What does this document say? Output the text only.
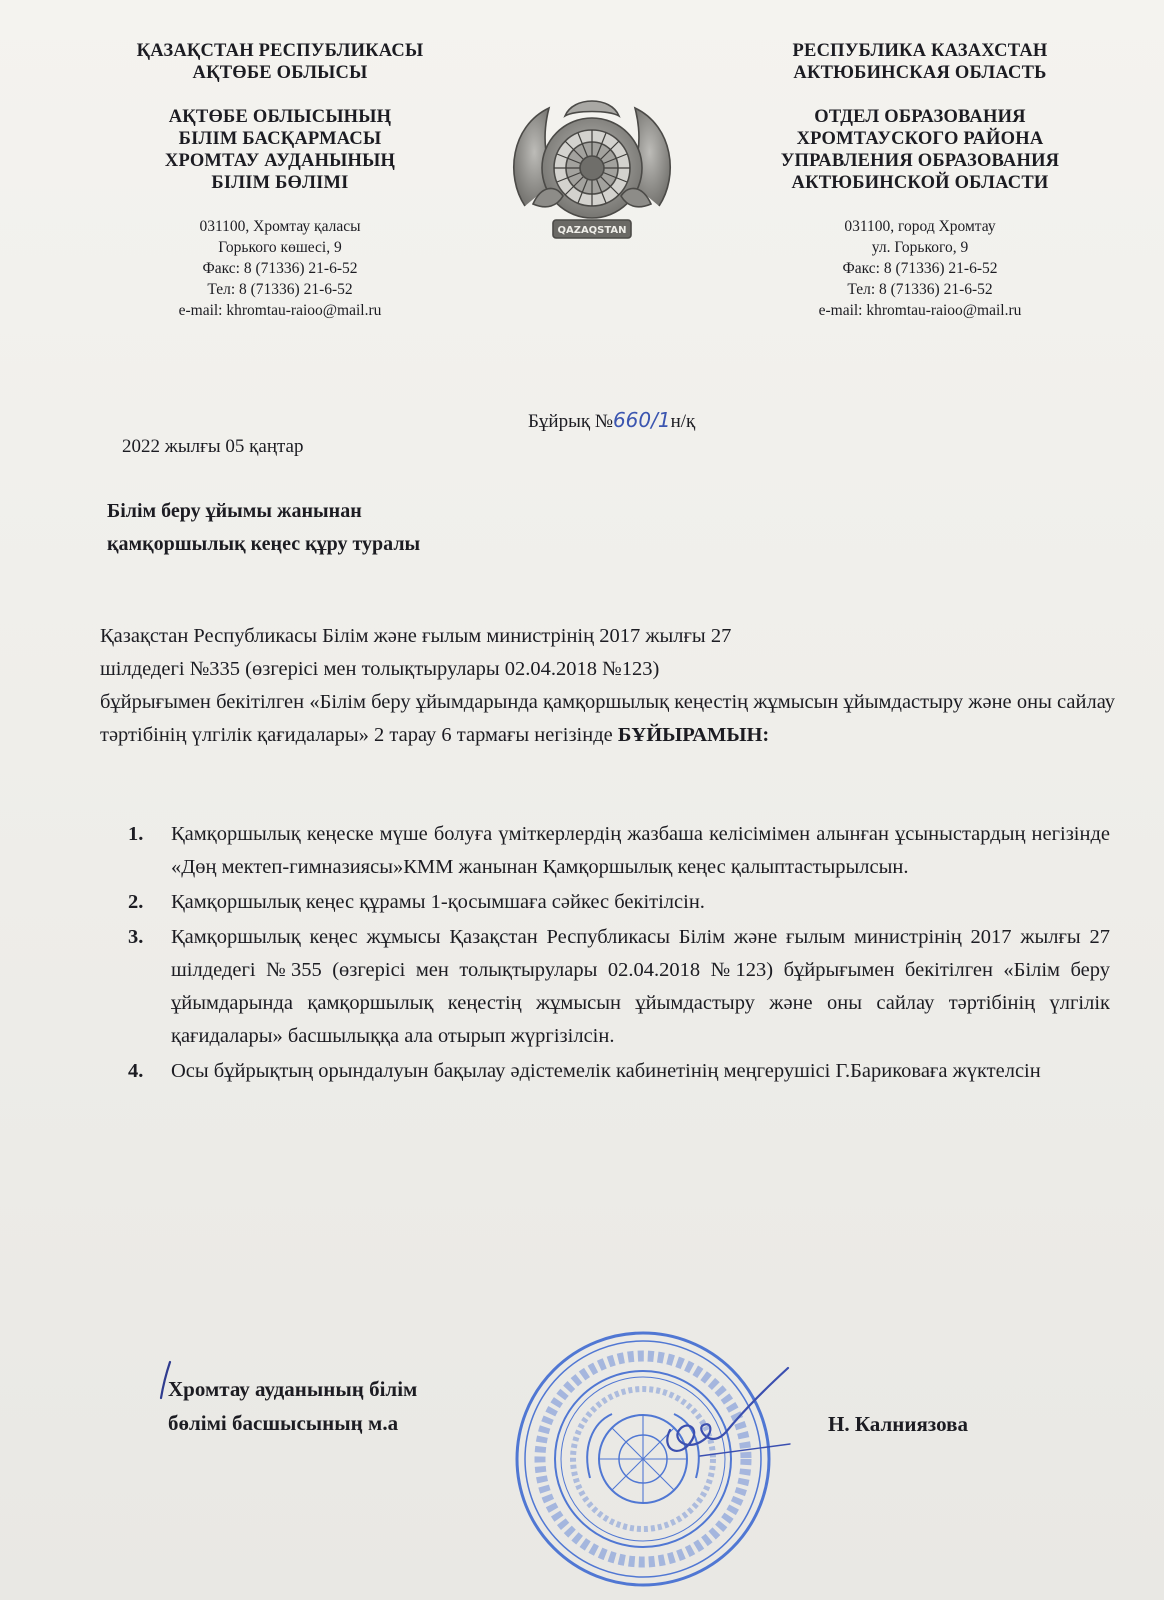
ҚАЗАҚСТАН РЕСПУБЛИКАСЫ
АҚТӨБЕ ОБЛЫСЫ
АҚТӨБЕ ОБЛЫСЫНЫҢ
БІЛІМ БАСҚАРМАСЫ
ХРОМТАУ АУДАНЫНЫҢ
БІЛІМ БӨЛІМІ
031100, Хромтау қаласы
Горького көшесі, 9
Факс: 8 (71336) 21-6-52
Тел: 8 (71336) 21-6-52
e-mail: khromtau-raioo@mail.ru
QAZAQSTAN
РЕСПУБЛИКА КАЗАХСТАН
АКТЮБИНСКАЯ ОБЛАСТЬ
ОТДЕЛ ОБРАЗОВАНИЯ
ХРОМТАУСКОГО РАЙОНА
УПРАВЛЕНИЯ ОБРАЗОВАНИЯ
АКТЮБИНСКОЙ ОБЛАСТИ
031100, город Хромтау
ул. Горького, 9
Факс: 8 (71336) 21-6-52
Тел: 8 (71336) 21-6-52
e-mail: khromtau-raioo@mail.ru
Бұйрық №660/1н/қ
2022 жылғы 05 қаңтар
Білім беру ұйымы жанынан
қамқоршылық кеңес құру туралы

Қазақстан Республикасы Білім және ғылым министрінің 2017 жылғы 27

шілдедегі №335 (өзгерісі мен толықтырулары 02.04.2018 №123)

бұйрығымен бекітілген «Білім беру ұйымдарында қамқоршылық кеңестің жұмысын ұйымдастыру және оны сайлау тәртібінің үлгілік қағидалары» 2 тарау 6 тармағы негізінде БҰЙЫРАМЫН:

1. Қамқоршылық кеңеске мүше болуға үміткерлердің жазбаша келісімімен алынған ұсыныстардың негізінде «Дөң мектеп-гимназиясы»КММ жанынан Қамқоршылық кеңес қалыптастырылсын.
2. Қамқоршылық кеңес құрамы 1-қосымшаға сәйкес бекітілсін.
3. Қамқоршылық кеңес жұмысы Қазақстан Республикасы Білім және ғылым министрінің 2017 жылғы 27 шілдедегі №355 (өзгерісі мен толықтырулары 02.04.2018 №123) бұйрығымен бекітілген «Білім беру ұйымдарында қамқоршылық кеңестің жұмысын ұйымдастыру және оны сайлау тәртібінің үлгілік қағидалары» басшылыққа ала отырып жүргізілсін.
4. Осы бұйрықтың орындалуын бақылау әдістемелік кабинетінің меңгерушісі Г.Бариковаға жүктелсін
Хромтау ауданының білім
бөлімі басшысының м.а	Н. Калниязова
